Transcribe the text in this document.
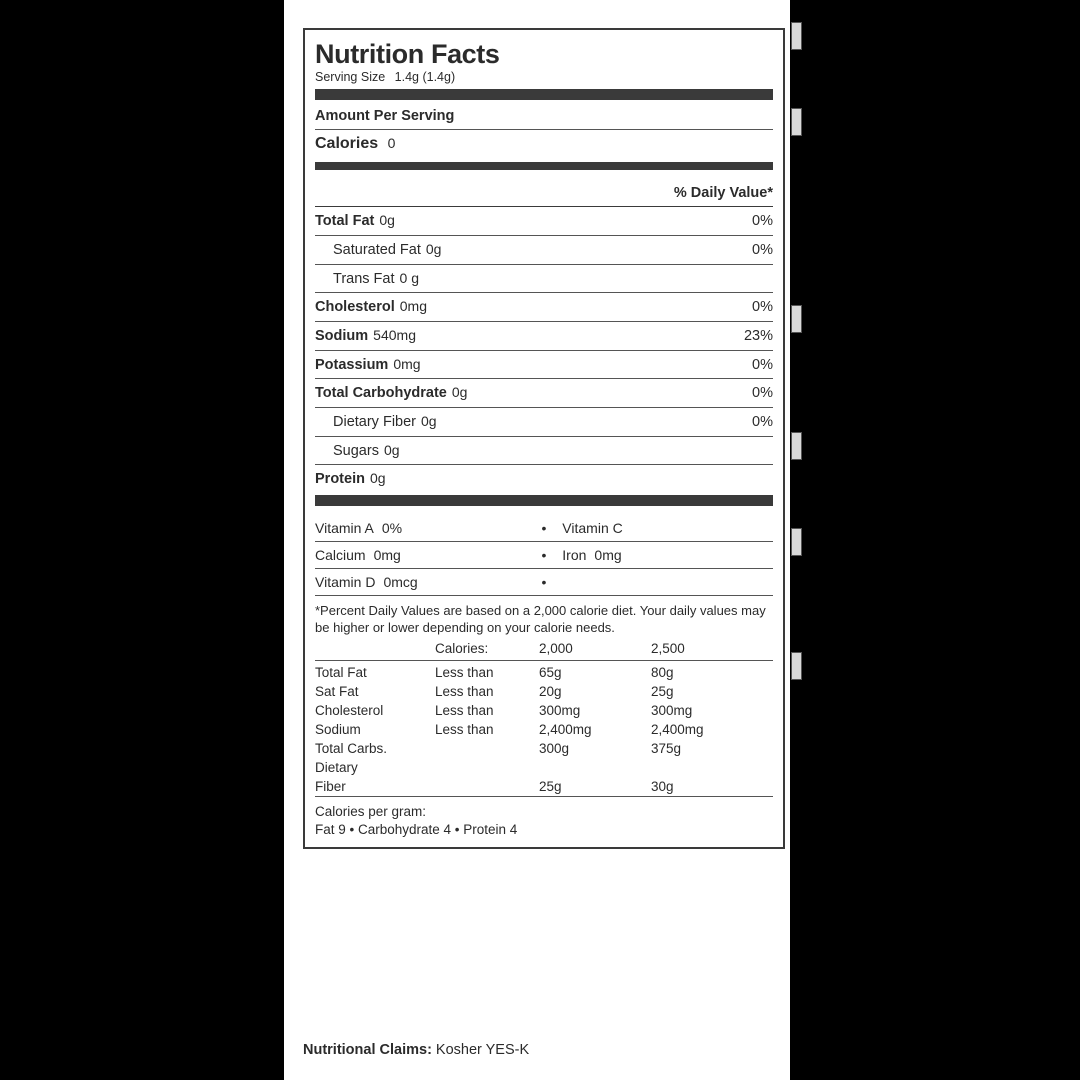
Nutrition Facts
Serving Size 1.4g (1.4g)
Amount Per Serving
Calories 0
% Daily Value*
Total Fat 0g	0%
Saturated Fat 0g	0%
Trans Fat 0 g
Cholesterol 0mg	0%
Sodium 540mg	23%
Potassium 0mg	0%
Total Carbohydrate 0g	0%
Dietary Fiber 0g	0%
Sugars 0g
Protein 0g
Vitamin A 0%	•	Vitamin C
Calcium 0mg	•	Iron 0mg
Vitamin D 0mcg	•
*Percent Daily Values are based on a 2,000 calorie diet. Your daily values may be higher or lower depending on your calorie needs.
	Calories:	2,000	2,500
Total Fat	Less than	65g	80g
Sat Fat	Less than	20g	25g
Cholesterol	Less than	300mg	300mg
Sodium	Less than	2,400mg	2,400mg
Total Carbs.		300g	375g
Dietary			
Fiber		25g	30g
Calories per gram:
Fat 9 • Carbohydrate 4 • Protein 4
Nutritional Claims: Kosher YES-K
